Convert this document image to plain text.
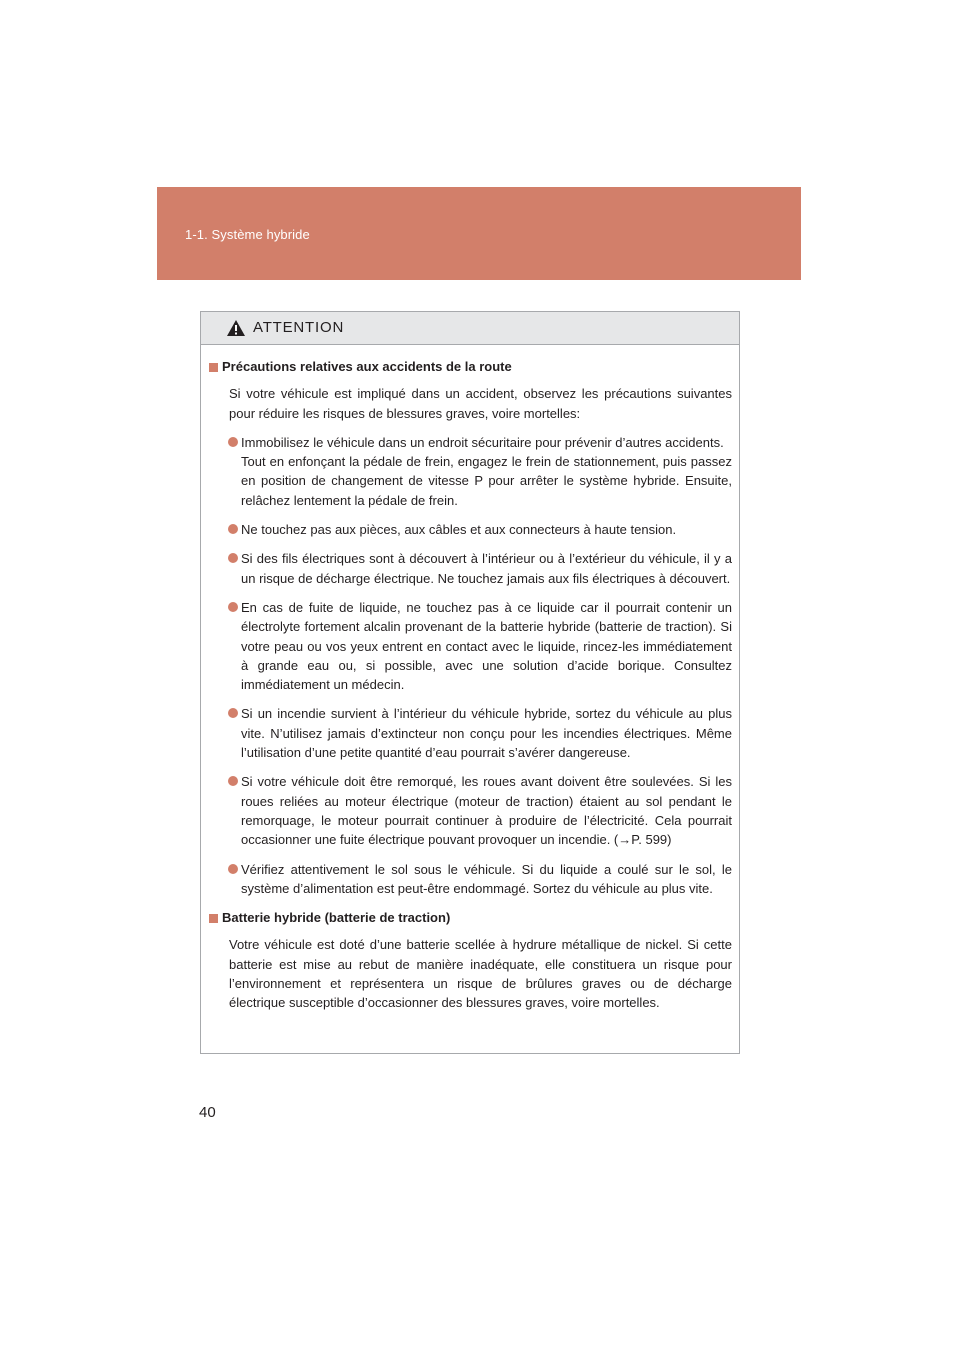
1-1. Système hybride
ATTENTION
Précautions relatives aux accidents de la route
Si votre véhicule est impliqué dans un accident, observez les précautions suivantes pour réduire les risques de blessures graves, voire mortelles:

Immobilisez le véhicule dans un endroit sécuritaire pour prévenir d’autres accidents.

Tout en enfonçant la pédale de frein, engagez le frein de stationnement, puis passez en position de changement de vitesse P pour arrêter le système hybride. Ensuite, relâchez lentement la pédale de frein.

Ne touchez pas aux pièces, aux câbles et aux connecteurs à haute tension.

Si des fils électriques sont à découvert à l’intérieur ou à l’extérieur du véhicule, il y a un risque de décharge électrique. Ne touchez jamais aux fils électriques à découvert.

En cas de fuite de liquide, ne touchez pas à ce liquide car il pourrait contenir un électrolyte fortement alcalin provenant de la batterie hybride (batterie de traction). Si votre peau ou vos yeux entrent en contact avec le liquide, rincez-les immédiatement à grande eau ou, si possible, avec une solution d’acide borique. Consultez immédiatement un médecin.

Si un incendie survient à l’intérieur du véhicule hybride, sortez du véhicule au plus vite. N’utilisez jamais d’extincteur non conçu pour les incendies électriques. Même l’utilisation d’une petite quantité d’eau pourrait s’avérer dangereuse.

Si votre véhicule doit être remorqué, les roues avant doivent être soulevées. Si les roues reliées au moteur électrique (moteur de traction) étaient au sol pendant le remorquage, le moteur pourrait continuer à produire de l’électricité. Cela pourrait occasionner une fuite électrique pouvant provoquer un incendie. (→P. 599)

Vérifiez attentivement le sol sous le véhicule. Si du liquide a coulé sur le sol, le système d’alimentation est peut-être endommagé. Sortez du véhicule au plus vite.

Batterie hybride (batterie de traction)
Votre véhicule est doté d’une batterie scellée à hydrure métallique de nickel. Si cette batterie est mise au rebut de manière inadéquate, elle constituera un risque pour l’environnement et représentera un risque de brûlures graves ou de décharge électrique susceptible d’occasionner des blessures graves, voire mortelles.
40
